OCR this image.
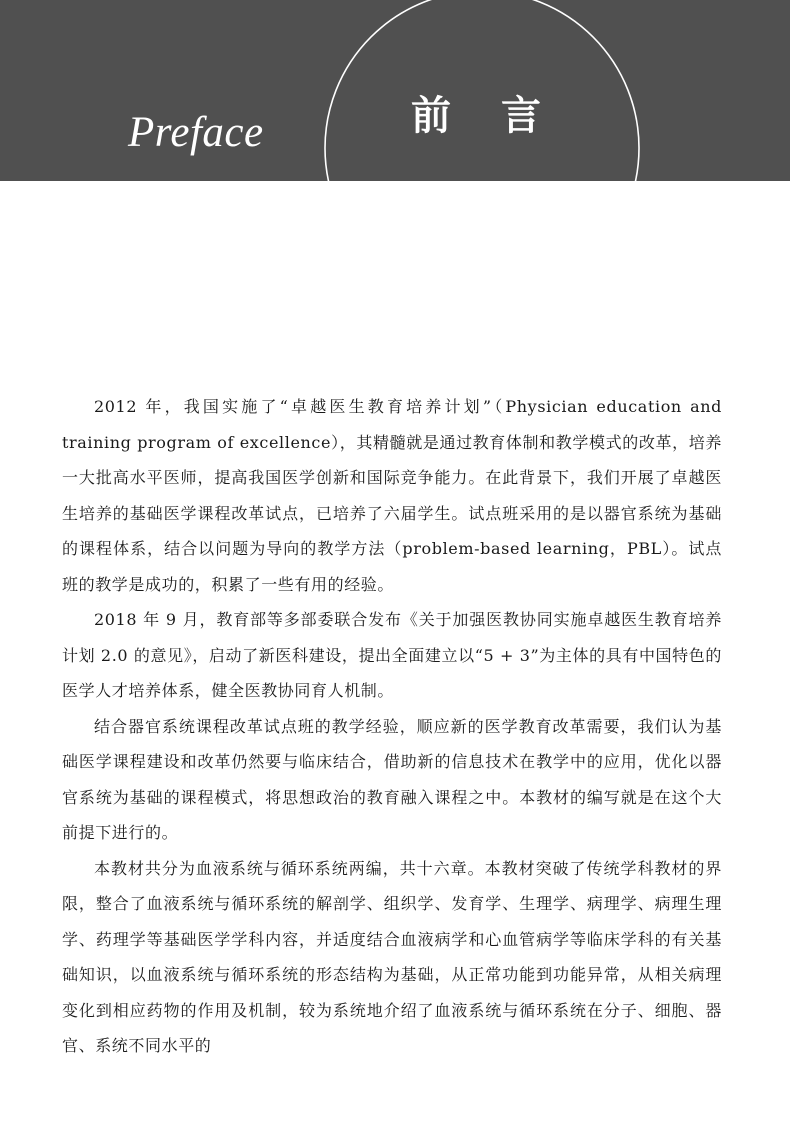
Preface	前言

2012 年，我国实施了“卓越医生教育培养计划”（Physician education and training program of excellence），其精髓就是通过教育体制和教学模式的改革，培养一大批高水平医师，提高我国医学创新和国际竞争能力。在此背景下，我们开展了卓越医生培养的基础医学课程改革试点，已培养了六届学生。试点班采用的是以器官系统为基础的课程体系，结合以问题为导向的教学方法（problem-based learning，PBL）。试点班的教学是成功的，积累了一些有用的经验。

2018 年 9 月，教育部等多部委联合发布《关于加强医教协同实施卓越医生教育培养计划 2.0 的意见》，启动了新医科建设，提出全面建立以“5 + 3”为主体的具有中国特色的医学人才培养体系，健全医教协同育人机制。

结合器官系统课程改革试点班的教学经验，顺应新的医学教育改革需要，我们认为基础医学课程建设和改革仍然要与临床结合，借助新的信息技术在教学中的应用，优化以器官系统为基础的课程模式，将思想政治的教育融入课程之中。本教材的编写就是在这个大前提下进行的。

本教材共分为血液系统与循环系统两编，共十六章。本教材突破了传统学科教材的界限，整合了血液系统与循环系统的解剖学、组织学、发育学、生理学、病理学、病理生理学、药理学等基础医学学科内容，并适度结合血液病学和心血管病学等临床学科的有关基础知识，以血液系统与循环系统的形态结构为基础，从正常功能到功能异常，从相关病理变化到相应药物的作用及机制，较为系统地介绍了血液系统与循环系统在分子、细胞、器官、系统不同水平的
